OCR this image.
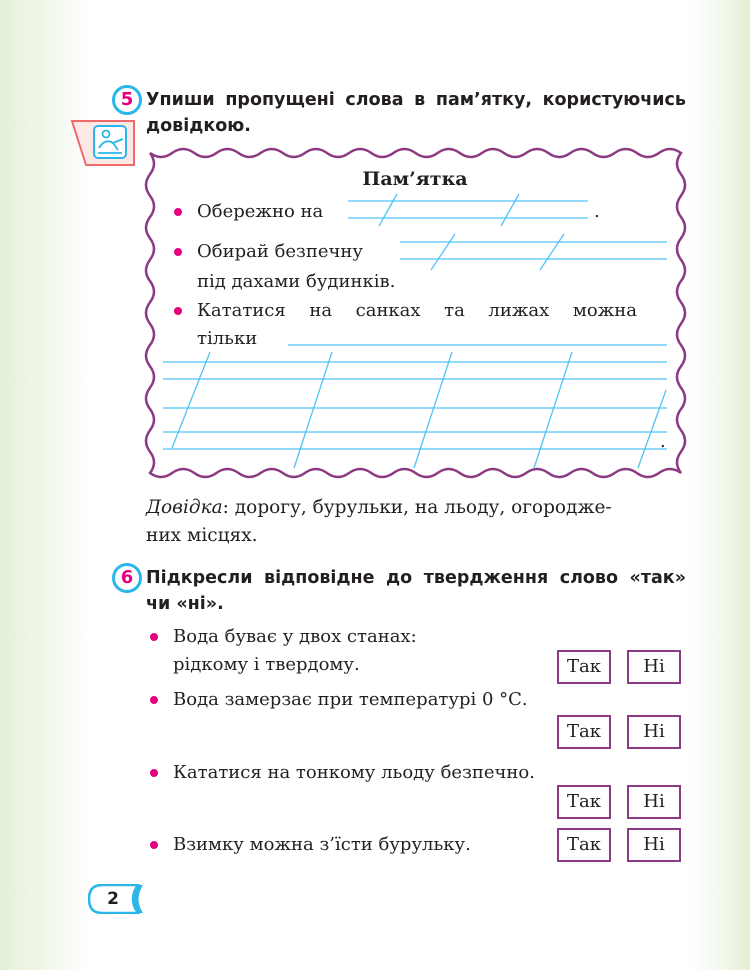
5 Упиши пропущені слова в пам’ятку, користуючись
довідкою.
Пам’ятка
Обережно на	.
Обирай безпечну
під дахами будинків.
Кататися на санках та лижах можна
тільки
.
Довідка: дорогу, бурульки, на льоду, огородже-
них місцях.
6 Підкресли відповідне до твердження слово «так»
чи «ні».
Вода буває у двох станах:
рідкому і твердому.	Так	Ні
Вода замерзає при температурі 0 °С.
Так	Ні
Кататися на тонкому льоду безпечно.
Так	Ні
Взимку можна з’їсти бурульку.	Так	Ні
2
